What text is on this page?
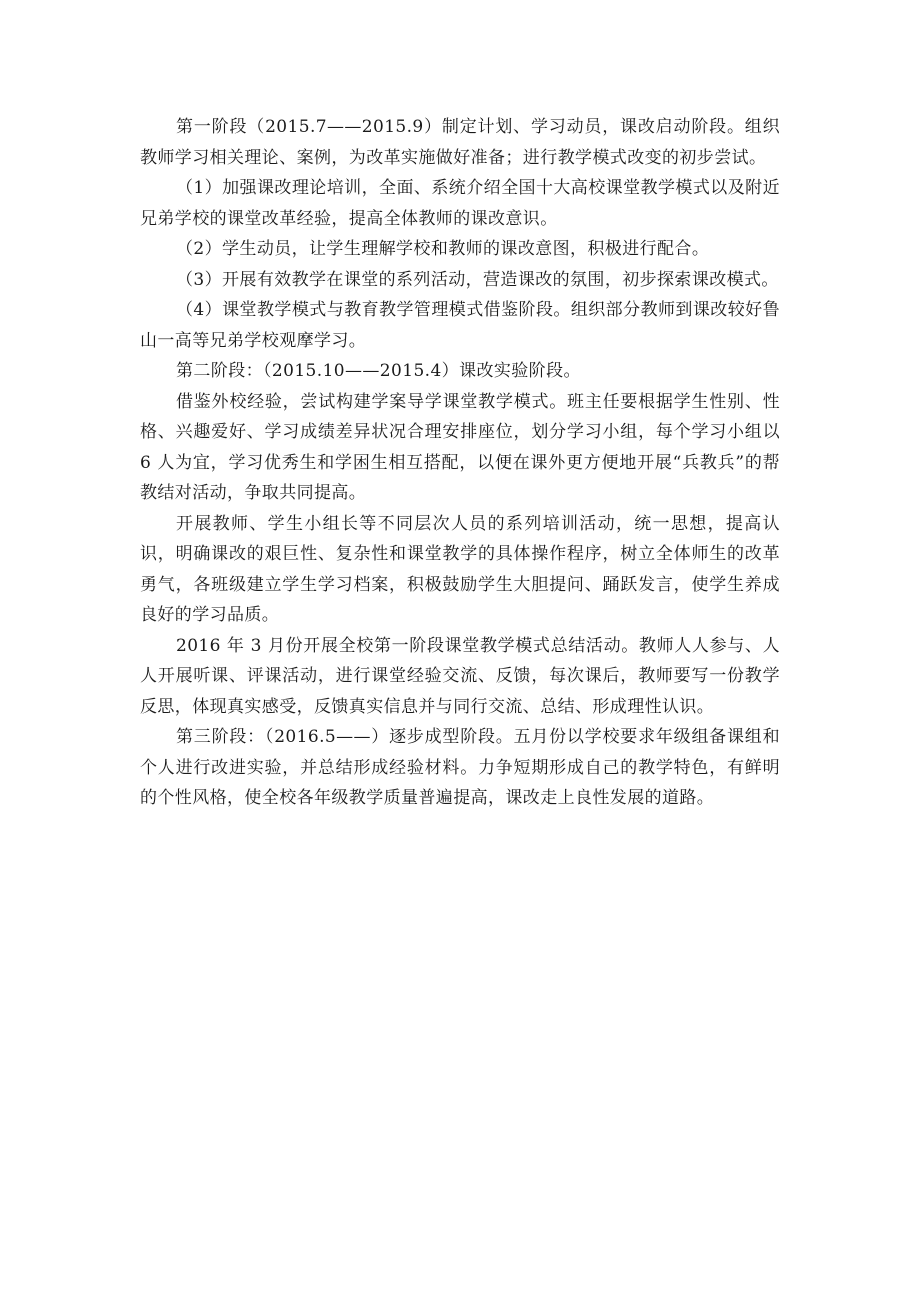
第一阶段（2015.7——2015.9）制定计划、学习动员，课改启动阶段。组织教师学习相关理论、案例，为改革实施做好准备；进行教学模式改变的初步尝试。

（1）加强课改理论培训，全面、系统介绍全国十大高校课堂教学模式以及附近兄弟学校的课堂改革经验，提高全体教师的课改意识。

（2）学生动员，让学生理解学校和教师的课改意图，积极进行配合。

（3）开展有效教学在课堂的系列活动，营造课改的氛围，初步探索课改模式。

（4）课堂教学模式与教育教学管理模式借鉴阶段。组织部分教师到课改较好鲁山一高等兄弟学校观摩学习。

第二阶段：（2015.10——2015.4）课改实验阶段。

借鉴外校经验，尝试构建学案导学课堂教学模式。班主任要根据学生性别、性格、兴趣爱好、学习成绩差异状况合理安排座位，划分学习小组，每个学习小组以 6 人为宜，学习优秀生和学困生相互搭配，以便在课外更方便地开展“兵教兵”的帮教结对活动，争取共同提高。

开展教师、学生小组长等不同层次人员的系列培训活动，统一思想，提高认识，明确课改的艰巨性、复杂性和课堂教学的具体操作程序，树立全体师生的改革勇气，各班级建立学生学习档案，积极鼓励学生大胆提问、踊跃发言，使学生养成良好的学习品质。

2016 年 3 月份开展全校第一阶段课堂教学模式总结活动。教师人人参与、人人开展听课、评课活动，进行课堂经验交流、反馈，每次课后，教师要写一份教学反思，体现真实感受，反馈真实信息并与同行交流、总结、形成理性认识。

第三阶段：（2016.5——）逐步成型阶段。五月份以学校要求年级组备课组和个人进行改进实验，并总结形成经验材料。力争短期形成自己的教学特色，有鲜明的个性风格，使全校各年级教学质量普遍提高，课改走上良性发展的道路。
